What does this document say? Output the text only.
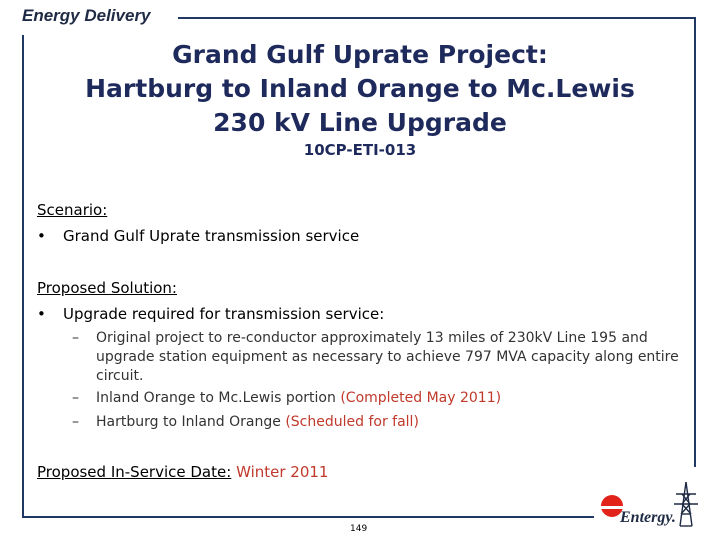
Energy Delivery
Grand Gulf Uprate Project:
Hartburg to Inland Orange to Mc.Lewis
230 kV Line Upgrade
10CP-ETI-013
Scenario:
• Grand Gulf Uprate transmission service
Proposed Solution:
• Upgrade required for transmission service:
– Original project to re-conductor approximately 13 miles of 230kV Line 195 and upgrade station equipment as necessary to achieve 797 MVA capacity along entire circuit.
– Inland Orange to Mc.Lewis portion (Completed May 2011)
– Hartburg to Inland Orange (Scheduled for fall)
Proposed In-Service Date: Winter 2011
149
Entergy.
